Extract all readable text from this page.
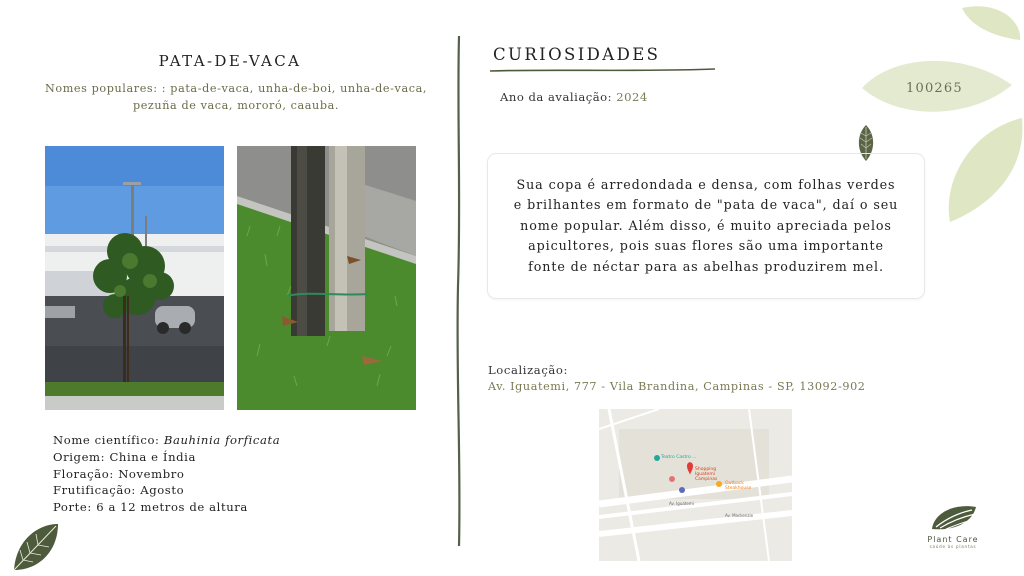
PATA-DE-VACA
Nomes populares: : pata-de-vaca, unha-de-boi, unha-de-vaca, pezuña de vaca, mororó, caauba.
Nome científico: Bauhinia forficata
Origem: China e Índia
Floração: Novembro
Frutificação: Agosto
Porte: 6 a 12 metros de altura
CURIOSIDADES
Ano da avaliação: 2024
100265
Sua copa é arredondada e densa, com folhas verdes e brilhantes em formato de "pata de vaca", daí o seu nome popular. Além disso, é muito apreciada pelos apicultores, pois suas flores são uma importante fonte de néctar para as abelhas produzirem mel.
Localização:
Av. Iguatemi, 777 - Vila Brandina, Campinas - SP, 13092-902
Teatro Castro ...
Shopping Iguatemi Campinas
Outback Steakhouse
Av. Iguatemi
Av. Mackenzie
Plant Care
saúde às plantas
